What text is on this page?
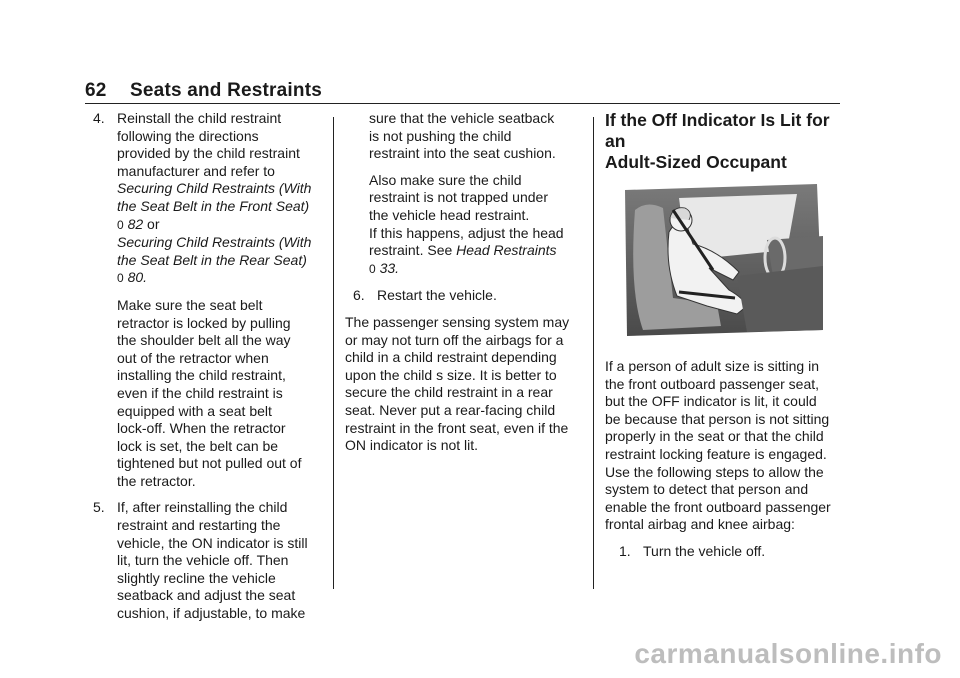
62 Seats and Restraints
4. Reinstall the child restraint
following the directions
provided by the child restraint
manufacturer and refer to
Securing Child Restraints (With
the Seat Belt in the Front Seat)
0 82 or
Securing Child Restraints (With
the Seat Belt in the Rear Seat)
0 80.
Make sure the seat belt
retractor is locked by pulling
the shoulder belt all the way
out of the retractor when
installing the child restraint,
even if the child restraint is
equipped with a seat belt
lock-off. When the retractor
lock is set, the belt can be
tightened but not pulled out of
the retractor.
5. If, after reinstalling the child
restraint and restarting the
vehicle, the ON indicator is still
lit, turn the vehicle off. Then
slightly recline the vehicle
seatback and adjust the seat
cushion, if adjustable, to make
sure that the vehicle seatback
is not pushing the child
restraint into the seat cushion.
Also make sure the child
restraint is not trapped under
the vehicle head restraint.
If this happens, adjust the head
restraint. See Head Restraints
0 33.
6. Restart the vehicle.
The passenger sensing system may
or may not turn off the airbags for a
child in a child restraint depending
upon the child s size. It is better to
secure the child restraint in a rear
seat. Never put a rear-facing child
restraint in the front seat, even if the
ON indicator is not lit.
If the Off Indicator Is Lit for an
Adult-Sized Occupant
If a person of adult size is sitting in
the front outboard passenger seat,
but the OFF indicator is lit, it could
be because that person is not sitting
properly in the seat or that the child
restraint locking feature is engaged.
Use the following steps to allow the
system to detect that person and
enable the front outboard passenger
frontal airbag and knee airbag:
1. Turn the vehicle off.
carmanualsonline.info
